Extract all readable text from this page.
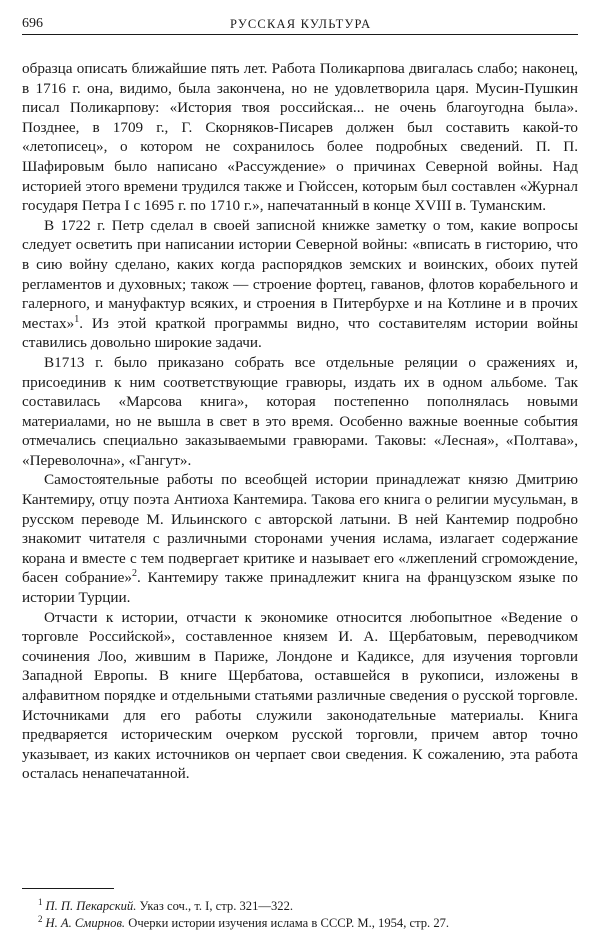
696	РУССКАЯ КУЛЬТУРА

образца описать ближайшие пять лет. Работа Поликарпова двигалась слабо; наконец, в 1716 г. она, видимо, была закончена, но не удовлетворила царя. Мусин-Пушкин писал Поликарпову: «История твоя российская... не очень благоугодна была». Позднее, в 1709 г., Г. Скорняков-Писарев должен был составить какой-то «летописец», о котором не сохранилось более подробных сведений. П. П. Шафировым было написано «Рассуждение» о причинах Северной войны. Над историей этого времени трудился также и Гюйссен, которым был составлен «Журнал государя Петра I с 1695 г. по 1710 г.», напечатанный в конце XVIII в. Туманским.

В 1722 г. Петр сделал в своей записной книжке заметку о том, какие вопросы следует осветить при написании истории Северной войны: «вписать в гисторию, что в сию войну сделано, каких когда распорядков земских и воинских, обоих путей регламентов и духовных; також — строение фортец, гаванов, флотов корабельного и галерного, и мануфактур всяких, и строения в Питербурхе и на Котлине и в прочих местах»$^1$. Из этой краткой программы видно, что составителям истории войны ставились довольно широкие задачи.

В1713 г. было приказано собрать все отдельные реляции о сражениях и, присоединив к ним соответствующие гравюры, издать их в одном альбоме. Так составилась «Марсова книга», которая постепенно пополнялась новыми материалами, но не вышла в свет в это время. Особенно важные военные события отмечались специально заказываемыми гравюрами. Таковы: «Лесная», «Полтава», «Переволочна», «Гангут».

Самостоятельные работы по всеобщей истории принадлежат князю Дмитрию Кантемиру, отцу поэта Антиоха Кантемира. Такова его книга о религии мусульман, в русском переводе М. Ильинского с авторской латыни. В ней Кантемир подробно знакомит читателя с различными сторонами учения ислама, излагает содержание корана и вместе с тем подвергает критике и называет его «лжеплений сгромождение, басен собрание»$^2$. Кантемиру также принадлежит книга на французском языке по истории Турции.

Отчасти к истории, отчасти к экономике относится любопытное «Ведение о торговле Российской», составленное князем И. А. Щербатовым, переводчиком сочинения Лоо, жившим в Париже, Лондоне и Кадиксе, для изучения торговли Западной Европы. В книге Щербатова, оставшейся в рукописи, изложены в алфавитном порядке и отдельными статьями различные сведения о русской торговле. Источниками для его работы служили законодательные материалы. Книга предваряется историческим очерком русской торговли, причем автор точно указывает, из каких источников он черпает свои сведения. К сожалению, эта работа осталась ненапечатанной.

$^1$ П. П. Пекарский. Указ соч., т. I, стр. 321—322.
$^2$ Н. А. Смирнов. Очерки истории изучения ислама в СССР. М., 1954, стр. 27.
